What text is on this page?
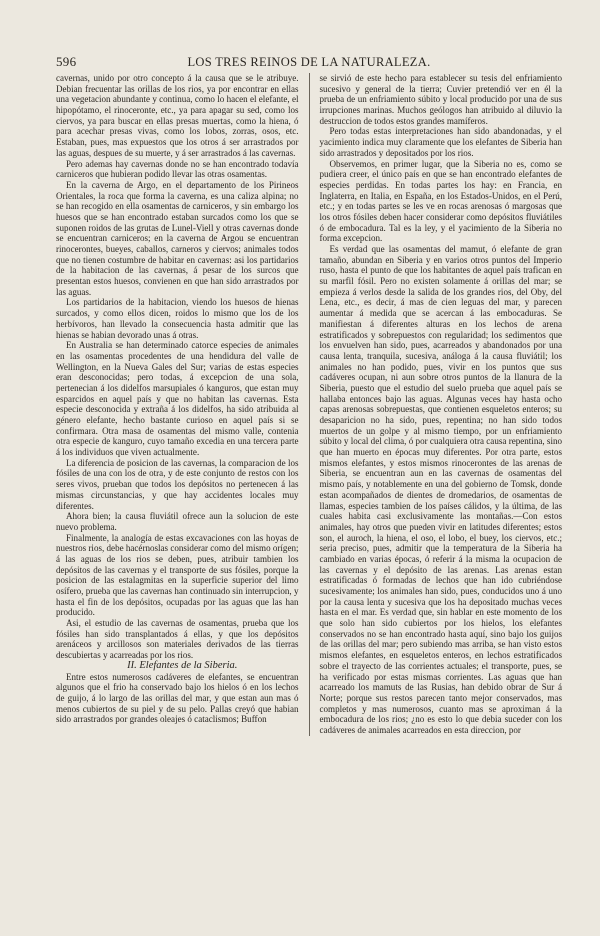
596	LOS TRES REINOS DE LA NATURALEZA.

cavernas, unido por otro concepto á la causa que se le atribuye. Debian frecuentar las orillas de los rios, ya por encontrar en ellas una vegetacion abundante y continua, como lo hacen el elefante, el hipopótamo, el rinoceronte, etc., ya para apagar su sed, como los ciervos, ya para buscar en ellas presas muertas, como la hiena, ó para acechar presas vivas, como los lobos, zorras, osos, etc. Estaban, pues, mas expuestos que los otros á ser arrastrados por las aguas, despues de su muerte, y á ser arrastrados á las cavernas.

Pero ademas hay cavernas donde no se han encontrado todavía carniceros que hubieran podido llevar las otras osamentas.

En la caverna de Argo, en el departamento de los Pirineos Orientales, la roca que forma la caverna, es una caliza alpina; no se han recogido en ella osamentas de carniceros, y sin embargo los huesos que se han encontrado estaban surcados como los que se suponen roidos de las grutas de Lunel-Viell y otras cavernas donde se encuentran carniceros; en la caverna de Argou se encuentran rinocerontes, bueyes, caballos, carneros y ciervos; animales todos que no tienen costumbre de habitar en cavernas: asi los partidarios de la habitacion de las cavernas, á pesar de los surcos que presentan estos huesos, convienen en que han sido arrastrados por las aguas.

Los partidarios de la habitacion, viendo los huesos de hienas surcados, y como ellos dicen, roidos lo mismo que los de los herbívoros, han llevado la consecuencia hasta admitir que las hienas se habian devorado unas á otras.

En Australia se han determinado catorce especies de animales en las osamentas procedentes de una hendidura del valle de Wellington, en la Nueva Gales del Sur; varias de estas especies eran desconocidas; pero todas, á excepcion de una sola, pertenecian á los didelfos marsupiales ó kanguros, que estan muy esparcidos en aquel país y que no habitan las cavernas. Esta especie desconocida y extraña á los didelfos, ha sido atribuida al género elefante, hecho bastante curioso en aquel país si se confirmara. Otra masa de osamentas del mismo valle, contenia otra especie de kanguro, cuyo tamaño excedia en una tercera parte á los individuos que viven actualmente.

La diferencia de posicion de las cavernas, la comparacion de los fósiles de una con los de otra, y de este conjunto de restos con los seres vivos, prueban que todos los depósitos no pertenecen á las mismas circunstancias, y que hay accidentes locales muy diferentes.

Ahora bien; la causa fluviátil ofrece aun la solucion de este nuevo problema.

Finalmente, la analogía de estas excavaciones con las hoyas de nuestros rios, debe hacérnoslas considerar como del mismo orígen; á las aguas de los rios se deben, pues, atribuir tambien los depósitos de las cavernas y el transporte de sus fósiles, porque la posicion de las estalagmitas en la superficie superior del limo osífero, prueba que las cavernas han continuado sin interrupcion, y hasta el fin de los depósitos, ocupadas por las aguas que las han producido.

Asi, el estudio de las cavernas de osamentas, prueba que los fósiles han sido transplantados á ellas, y que los depósitos arenáceos y arcillosos son materiales derivados de las tierras descubiertas y acarreadas por los rios.

II. Elefantes de la Siberia.

Entre estos numerosos cadáveres de elefantes, se encuentran algunos que el frio ha conservado bajo los hielos ó en los lechos de guijo, á lo largo de las orillas del mar, y que estan aun mas ó menos cubiertos de su piel y de su pelo. Pallas creyó que habian sido arrastrados por grandes oleajes ó cataclismos; Buffon

se sirvió de este hecho para establecer su tesis del enfriamiento sucesivo y general de la tierra; Cuvier pretendió ver en él la prueba de un enfriamiento súbito y local producido por una de sus irrupciones marinas. Muchos geólogos han atribuido al diluvio la destruccion de todos estos grandes mamíferos.

Pero todas estas interpretaciones han sido abandonadas, y el yacimiento indica muy claramente que los elefantes de Siberia han sido arrastrados y depositados por los rios.

Observemos, en primer lugar, que la Siberia no es, como se pudiera creer, el único país en que se han encontrado elefantes de especies perdidas. En todas partes los hay: en Francia, en Inglaterra, en Italia, en España, en los Estados-Unidos, en el Perú, etc.; y en todas partes se les ve en rocas arenosas ó margosas que los otros fósiles deben hacer considerar como depósitos fluviátiles ó de embocadura. Tal es la ley, y el yacimiento de la Siberia no forma excepcion.

Es verdad que las osamentas del mamut, ó elefante de gran tamaño, abundan en Siberia y en varios otros puntos del Imperio ruso, hasta el punto de que los habitantes de aquel país trafican en su marfil fósil. Pero no existen solamente á orillas del mar; se empieza á verlos desde la salida de los grandes rios, del Oby, del Lena, etc., es decir, á mas de cien leguas del mar, y parecen aumentar á medida que se acercan á las embocaduras. Se manifiestan á diferentes alturas en los lechos de arena estratificados y sobrepuestos con regularidad; los sedimentos que los envuelven han sido, pues, acarreados y abandonados por una causa lenta, tranquila, sucesiva, análoga á la causa fluviátil; los animales no han podido, pues, vivir en los puntos que sus cadáveres ocupan, ni aun sobre otros puntos de la llanura de la Siberia, puesto que el estudio del suelo prueba que aquel país se hallaba entonces bajo las aguas. Algunas veces hay hasta ocho capas arenosas sobrepuestas, que contienen esqueletos enteros; su desaparicion no ha sido, pues, repentina; no han sido todos muertos de un golpe y al mismo tiempo, por un enfriamiento súbito y local del clima, ó por cualquiera otra causa repentina, sino que han muerto en épocas muy diferentes. Por otra parte, estos mismos elefantes, y estos mismos rinocerontes de las arenas de Siberia, se encuentran aun en las cavernas de osamentas del mismo país, y notablemente en una del gobierno de Tomsk, donde estan acompañados de dientes de dromedarios, de osamentas de llamas, especies tambien de los países cálidos, y la última, de las cuales habita casi exclusivamente las montañas.—Con estos animales, hay otros que pueden vivir en latitudes diferentes; estos son, el auroch, la hiena, el oso, el lobo, el buey, los ciervos, etc.; seria preciso, pues, admitir que la temperatura de la Siberia ha cambiado en varias épocas, ó referir á la misma la ocupacion de las cavernas y el depósito de las arenas. Las arenas estan estratificadas ó formadas de lechos que han ido cubriéndose sucesivamente; los animales han sido, pues, conducidos uno á uno por la causa lenta y sucesiva que los ha depositado muchas veces hasta en el mar. Es verdad que, sin hablar en este momento de los que solo han sido cubiertos por los hielos, los elefantes conservados no se han encontrado hasta aquí, sino bajo los guijos de las orillas del mar; pero subiendo mas arriba, se han visto estos mismos elefantes, en esqueletos enteros, en lechos estratificados sobre el trayecto de las corrientes actuales; el transporte, pues, se ha verificado por estas mismas corrientes. Las aguas que han acarreado los mamuts de las Rusias, han debido obrar de Sur á Norte; porque sus restos parecen tanto mejor conservados, mas completos y mas numerosos, cuanto mas se aproximan á la embocadura de los rios; ¿no es esto lo que debia suceder con los cadáveres de animales acarreados en esta direccion, por
